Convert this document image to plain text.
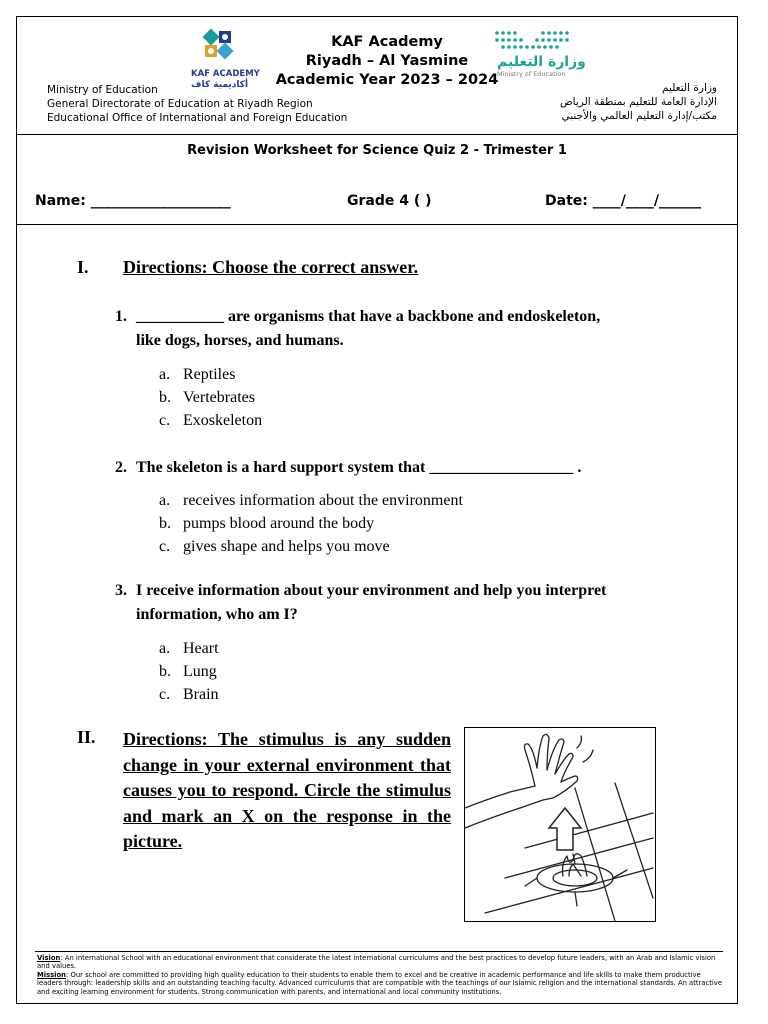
KAF ACADEMY
أكاديمية كاف
KAF Academy
Riyadh – Al Yasmine
Academic Year 2023 – 2024
وزارة التعليم
Ministry of Education
Ministry of Education
General Directorate of Education at Riyadh Region
Educational Office of International and Foreign Education
وزارة التعليم
الإدارة العامة للتعليم بمنطقة الرياض
مكتب/إدارة التعليم العالمي والأجنبي
Revision Worksheet for Science Quiz 2 - Trimester 1
Name: ____________________	Grade 4 ( )	Date: ____/____/______
I. Directions: Choose the correct answer.
1. ___________ are organisms that have a backbone and endoskeleton,
like dogs, horses, and humans.
a. Reptiles
b. Vertebrates
c. Exoskeleton
2. The skeleton is a hard support system that __________________ .
a. receives information about the environment
b. pumps blood around the body
c. gives shape and helps you move
3. I receive information about your environment and help you interpret
information, who am I?
a. Heart
b. Lung
c. Brain
II. Directions: The stimulus is any sudden change in your external environment that causes you to respond. Circle the stimulus and mark an X on the response in the picture.
Vision: An international School with an educational environment that considerate the latest international curriculums and the best practices to develop future leaders, with an Arab and Islamic vision and values.
Mission: Our school are committed to providing high quality education to their students to enable them to excel and be creative in academic performance and life skills to make them productive leaders through: leadership skills and an outstanding teaching faculty. Advanced curriculums that are compatible with the teachings of our Islamic religion and the international standards. An attractive and exciting learning environment for students. Strong communication with parents, and international and local community institutions.
